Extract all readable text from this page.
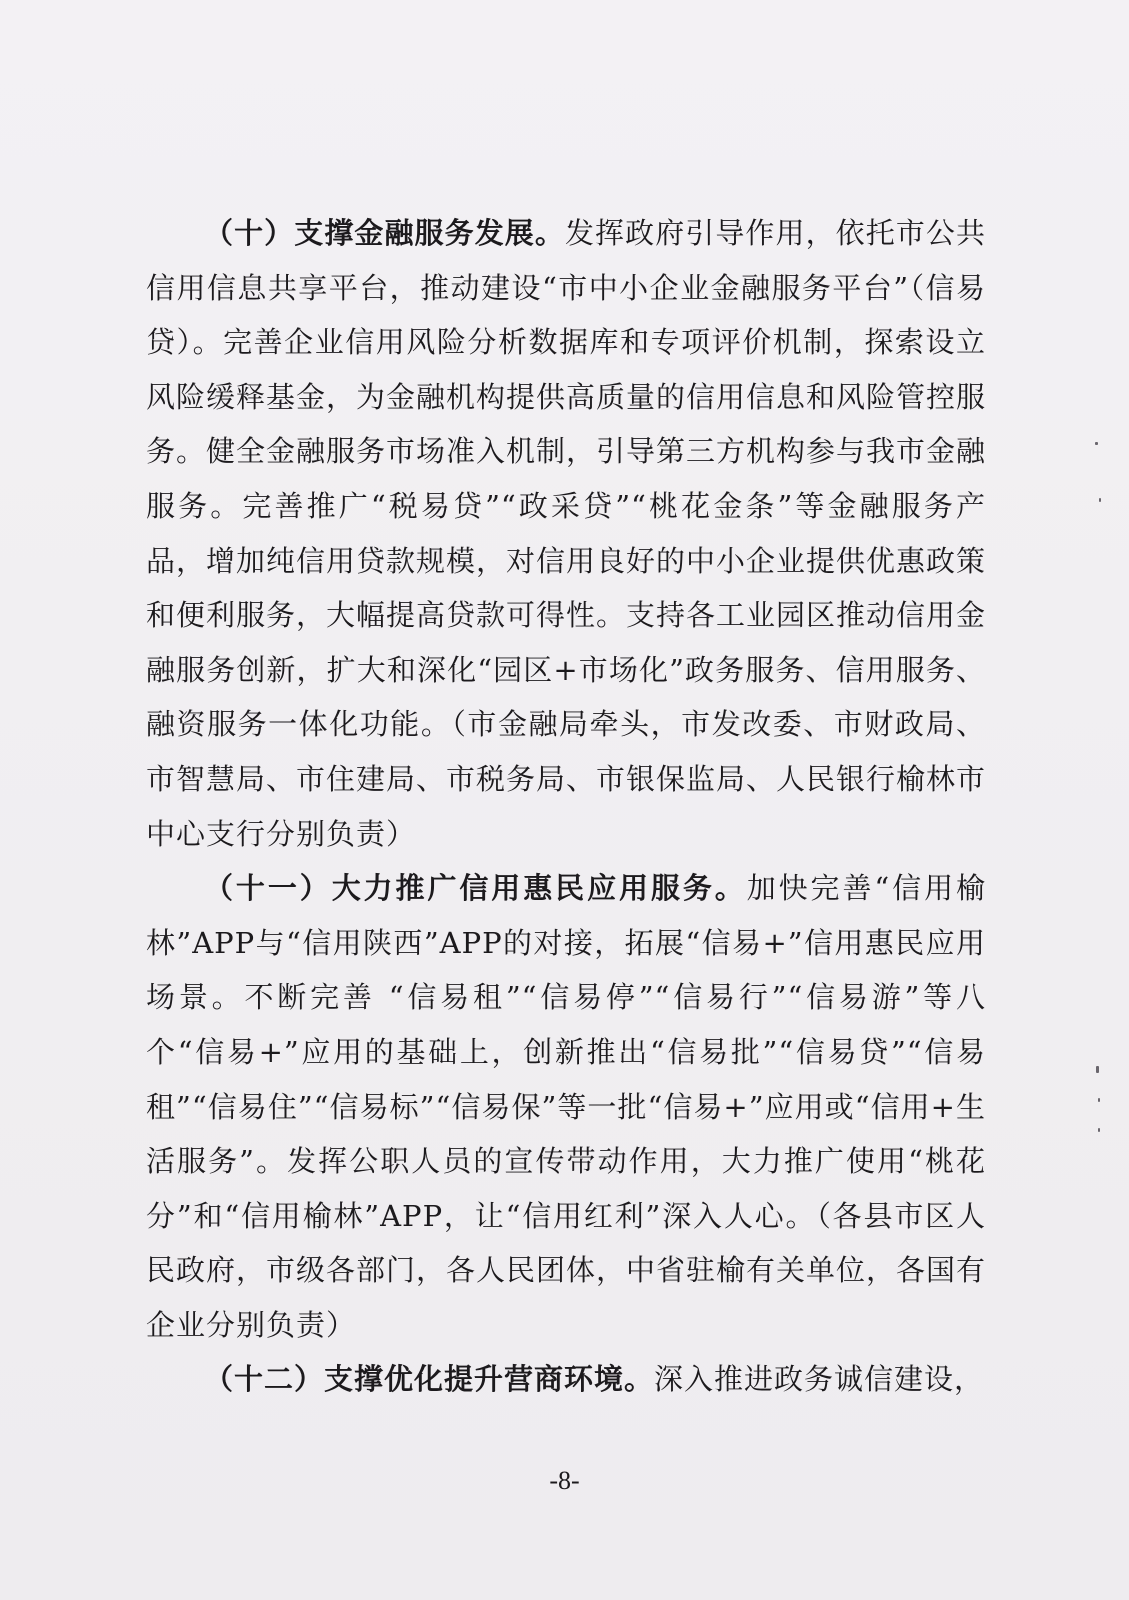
（十）支撑金融服务发展。发挥政府引导作用，依托市公共信用信息共享平台，推动建设“市中小企业金融服务平台”（信易贷）。完善企业信用风险分析数据库和专项评价机制，探索设立风险缓释基金，为金融机构提供高质量的信用信息和风险管控服务。健全金融服务市场准入机制，引导第三方机构参与我市金融服务。完善推广“税易贷”“政采贷”“桃花金条”等金融服务产品，增加纯信用贷款规模，对信用良好的中小企业提供优惠政策和便利服务，大幅提高贷款可得性。支持各工业园区推动信用金融服务创新，扩大和深化“园区+市场化”政务服务、信用服务、融资服务一体化功能。（市金融局牵头，市发改委、市财政局、市智慧局、市住建局、市税务局、市银保监局、人民银行榆林市中心支行分别负责）

（十一）大力推广信用惠民应用服务。加快完善“信用榆林”APP与“信用陕西”APP的对接，拓展“信易+”信用惠民应用场景。不断完善 “信易租”“信易停”“信易行”“信易游”等八个“信易+”应用的基础上，创新推出“信易批”“信易贷”“信易租”“信易住”“信易标”“信易保”等一批“信易+”应用或“信用+生活服务”。发挥公职人员的宣传带动作用，大力推广使用“桃花分”和“信用榆林”APP，让“信用红利”深入人心。（各县市区人民政府，市级各部门，各人民团体，中省驻榆有关单位，各国有企业分别负责）

（十二）支撑优化提升营商环境。深入推进政务诚信建设，

-8-
